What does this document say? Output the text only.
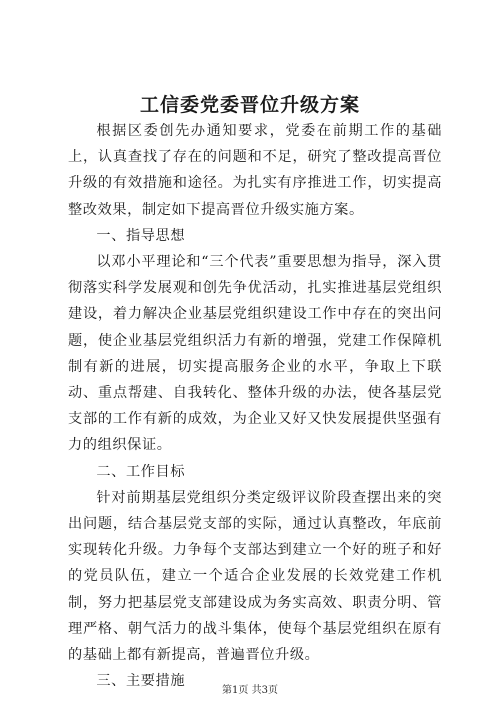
工信委党委晋位升级方案

根据区委创先办通知要求，党委在前期工作的基础上，认真查找了存在的问题和不足，研究了整改提高晋位升级的有效措施和途径。为扎实有序推进工作，切实提高整改效果，制定如下提高晋位升级实施方案。

一、指导思想

以邓小平理论和“三个代表”重要思想为指导，深入贯彻落实科学发展观和创先争优活动，扎实推进基层党组织建设，着力解决企业基层党组织建设工作中存在的突出问题，使企业基层党组织活力有新的增强，党建工作保障机制有新的进展，切实提高服务企业的水平，争取上下联动、重点帮建、自我转化、整体升级的办法，使各基层党支部的工作有新的成效，为企业又好又快发展提供坚强有力的组织保证。

二、工作目标

针对前期基层党组织分类定级评议阶段查摆出来的突出问题，结合基层党支部的实际，通过认真整改，年底前实现转化升级。力争每个支部达到建立一个好的班子和好的党员队伍，建立一个适合企业发展的长效党建工作机制，努力把基层党支部建设成为务实高效、职责分明、管理严格、朝气活力的战斗集体，使每个基层党组织在原有的基础上都有新提高，普遍晋位升级。

三、主要措施

第1页 共3页
